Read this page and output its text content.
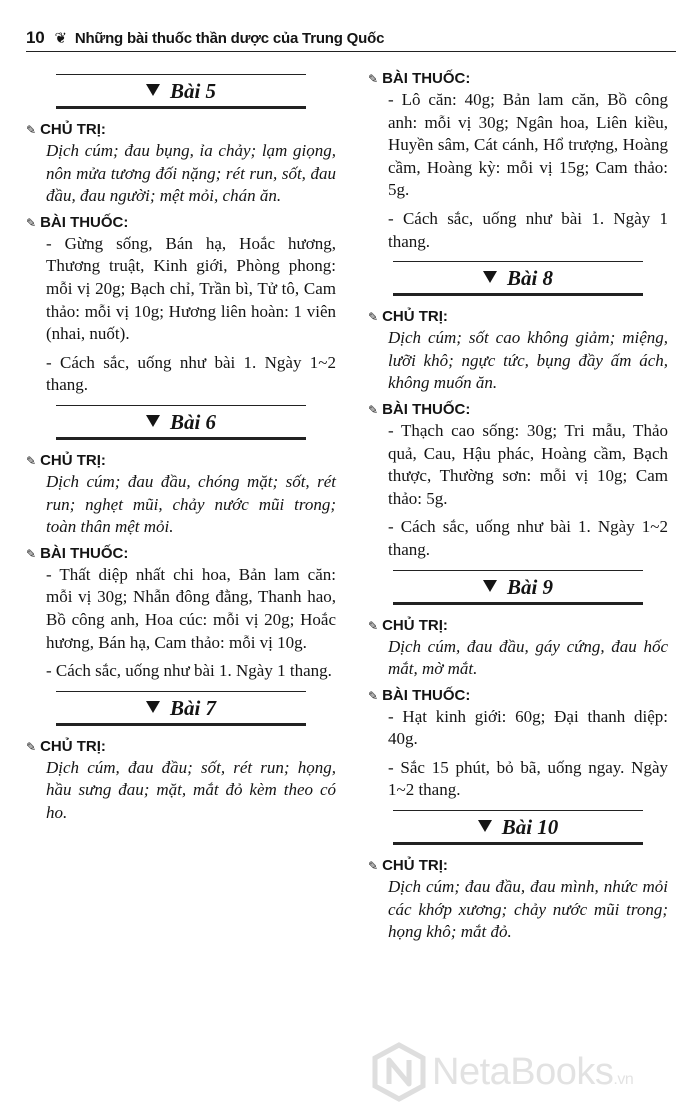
10 ❦ Những bài thuốc thần dược của Trung Quốc
Bài 5
✎ CHỦ TRỊ:

Dịch cúm; đau bụng, ỉa chảy; lạm giọng, nôn mửa tương đối nặng; rét run, sốt, đau đầu, đau người; mệt mỏi, chán ăn.

✎ BÀI THUỐC:

- Gừng sống, Bán hạ, Hoắc hương, Thương truật, Kinh giới, Phòng phong: mỗi vị 20g; Bạch chỉ, Trần bì, Tử tô, Cam thảo: mỗi vị 10g; Hương liên hoàn: 1 viên (nhai, nuốt).

- Cách sắc, uống như bài 1. Ngày 1~2 thang.

Bài 6
✎ CHỦ TRỊ:

Dịch cúm; đau đầu, chóng mặt; sốt, rét run; nghẹt mũi, chảy nước mũi trong; toàn thân mệt mỏi.

✎ BÀI THUỐC:

- Thất diệp nhất chi hoa, Bản lam căn: mỗi vị 30g; Nhẫn đông đằng, Thanh hao, Bồ công anh, Hoa cúc: mỗi vị 20g; Hoắc hương, Bán hạ, Cam thảo: mỗi vị 10g.

- Cách sắc, uống như bài 1. Ngày 1 thang.

Bài 7
✎ CHỦ TRỊ:

Dịch cúm, đau đầu; sốt, rét run; họng, hầu sưng đau; mặt, mắt đỏ kèm theo có ho.

✎ BÀI THUỐC:

- Lô căn: 40g; Bản lam căn, Bồ công anh: mỗi vị 30g; Ngân hoa, Liên kiều, Huyền sâm, Cát cánh, Hổ trượng, Hoàng cầm, Hoàng kỳ: mỗi vị 15g; Cam thảo: 5g.

- Cách sắc, uống như bài 1. Ngày 1 thang.

Bài 8
✎ CHỦ TRỊ:

Dịch cúm; sốt cao không giảm; miệng, lưỡi khô; ngực tức, bụng đầy ấm ách, không muốn ăn.

✎ BÀI THUỐC:

- Thạch cao sống: 30g; Tri mẫu, Thảo quả, Cau, Hậu phác, Hoàng cầm, Bạch thược, Thường sơn: mỗi vị 10g; Cam thảo: 5g.

- Cách sắc, uống như bài 1. Ngày 1~2 thang.

Bài 9
✎ CHỦ TRỊ:

Dịch cúm, đau đầu, gáy cứng, đau hốc mắt, mờ mắt.

✎ BÀI THUỐC:

- Hạt kinh giới: 60g; Đại thanh diệp: 40g.

- Sắc 15 phút, bỏ bã, uống ngay. Ngày 1~2 thang.

Bài 10
✎ CHỦ TRỊ:

Dịch cúm; đau đầu, đau mình, nhức mỏi các khớp xương; chảy nước mũi trong; họng khô; mắt đỏ.

NetaBooks.vn
